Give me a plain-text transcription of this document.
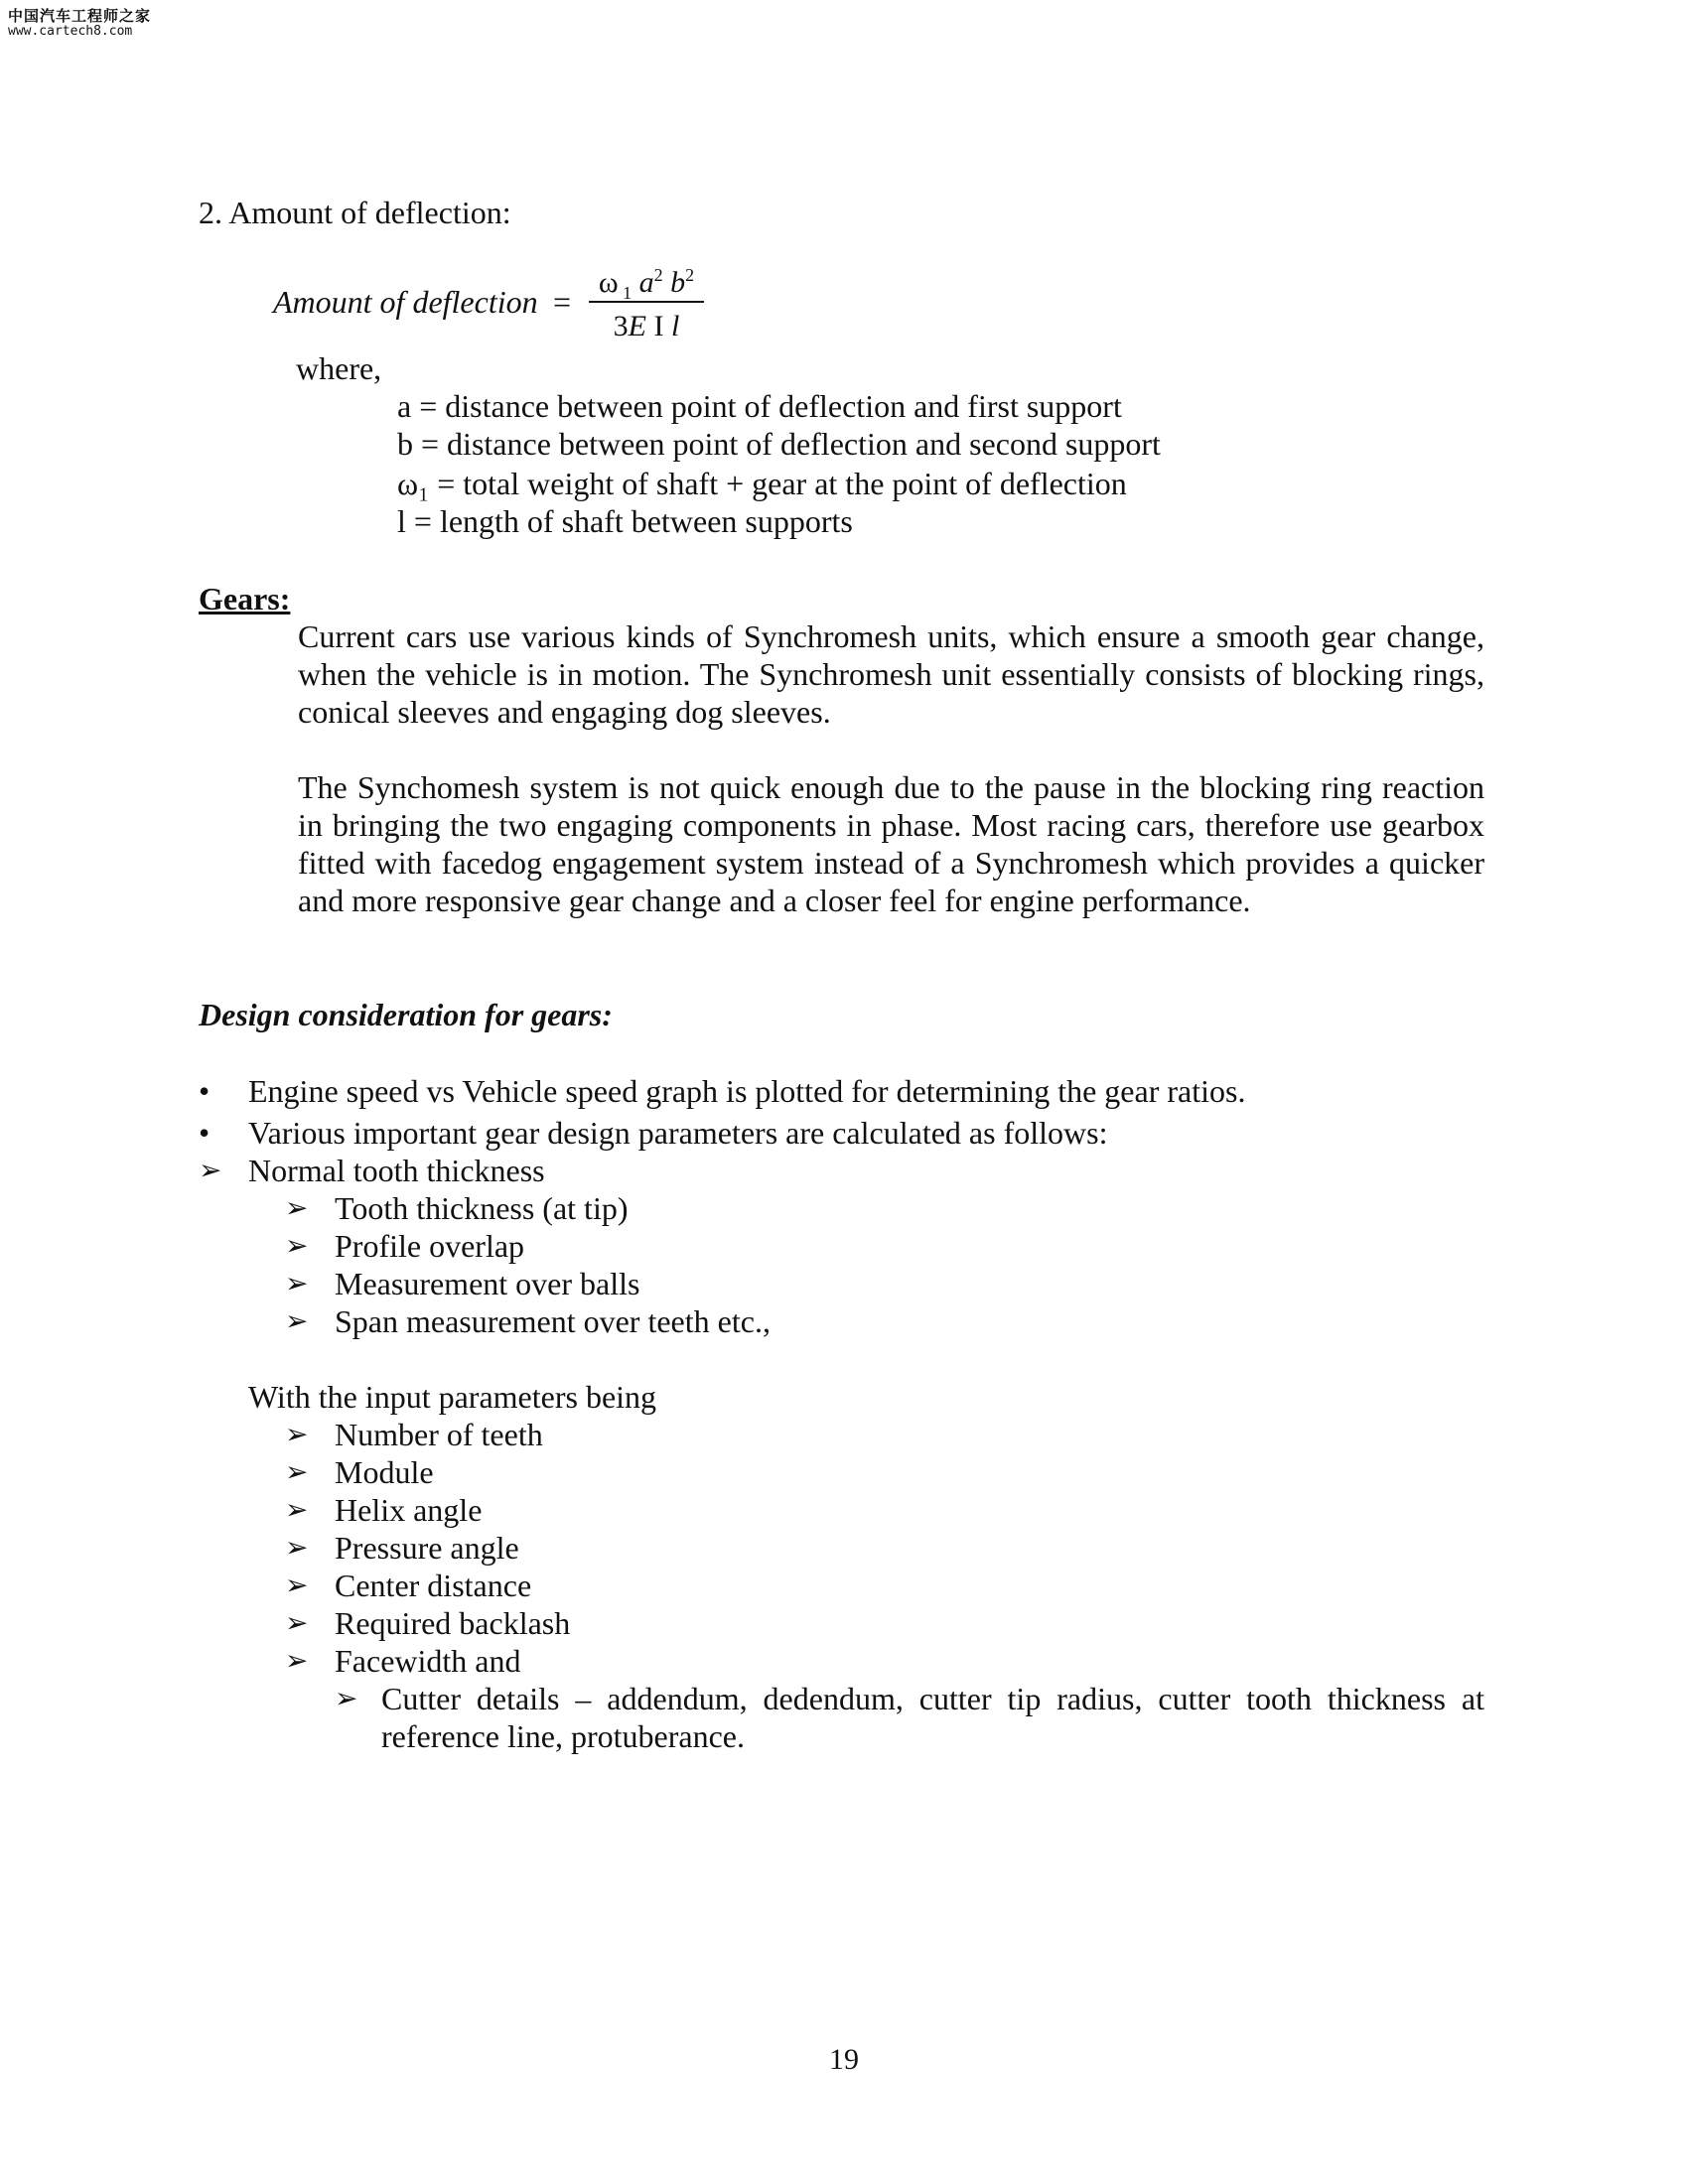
中国汽车工程师之家
www.cartech8.com
2. Amount of deflection:
Amount of deflection =
ω $_1$ $a^2$ $b^2$
3E I l
where,
a = distance between point of deflection and first support
b = distance between point of deflection and second support
ω₁ = total weight of shaft + gear at the point of deflection
l = length of shaft between supports
Gears:
Current cars use various kinds of Synchromesh units, which ensure a smooth gear change, when the vehicle is in motion. The Synchromesh unit essentially consists of blocking rings, conical sleeves and engaging dog sleeves.
The Synchomesh system is not quick enough due to the pause in the blocking ring reaction in bringing the two engaging components in phase. Most racing cars, therefore use gearbox fitted with facedog engagement system instead of a Synchromesh which provides a quicker and more responsive gear change and a closer feel for engine performance.
Design consideration for gears:
• Engine speed vs Vehicle speed graph is plotted for determining the gear ratios.
• Various important gear design parameters are calculated as follows:
➢ Normal tooth thickness
➢ Tooth thickness (at tip)
➢ Profile overlap
➢ Measurement over balls
➢ Span measurement over teeth etc.,
With the input parameters being
➢ Number of teeth
➢ Module
➢ Helix angle
➢ Pressure angle
➢ Center distance
➢ Required backlash
➢ Facewidth and
➢ Cutter details – addendum, dedendum, cutter tip radius, cutter tooth thickness at reference line, protuberance.
19
